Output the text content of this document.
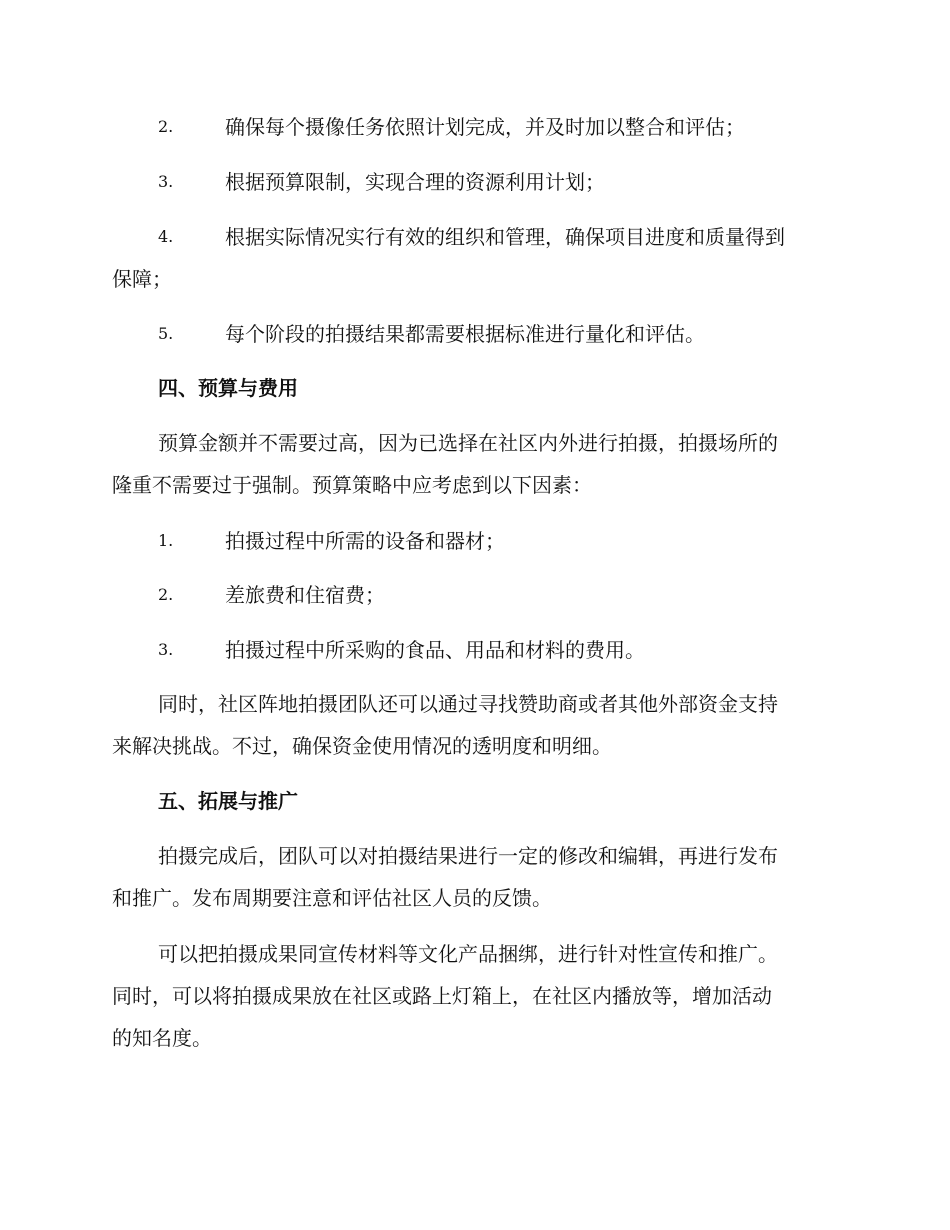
2.	确保每个摄像任务依照计划完成，并及时加以整合和评估；
3.	根据预算限制，实现合理的资源利用计划；
4.	根据实际情况实行有效的组织和管理，确保项目进度和质量得到
保障；
5.	每个阶段的拍摄结果都需要根据标准进行量化和评估。
四、预算与费用
预算金额并不需要过高，因为已选择在社区内外进行拍摄，拍摄场所的
隆重不需要过于强制。预算策略中应考虑到以下因素：
1.	拍摄过程中所需的设备和器材；
2.	差旅费和住宿费；
3.	拍摄过程中所采购的食品、用品和材料的费用。
同时，社区阵地拍摄团队还可以通过寻找赞助商或者其他外部资金支持
来解决挑战。不过，确保资金使用情况的透明度和明细。
五、拓展与推广
拍摄完成后，团队可以对拍摄结果进行一定的修改和编辑，再进行发布
和推广。发布周期要注意和评估社区人员的反馈。
可以把拍摄成果同宣传材料等文化产品捆绑，进行针对性宣传和推广。
同时，可以将拍摄成果放在社区或路上灯箱上，在社区内播放等，增加活动
的知名度。
